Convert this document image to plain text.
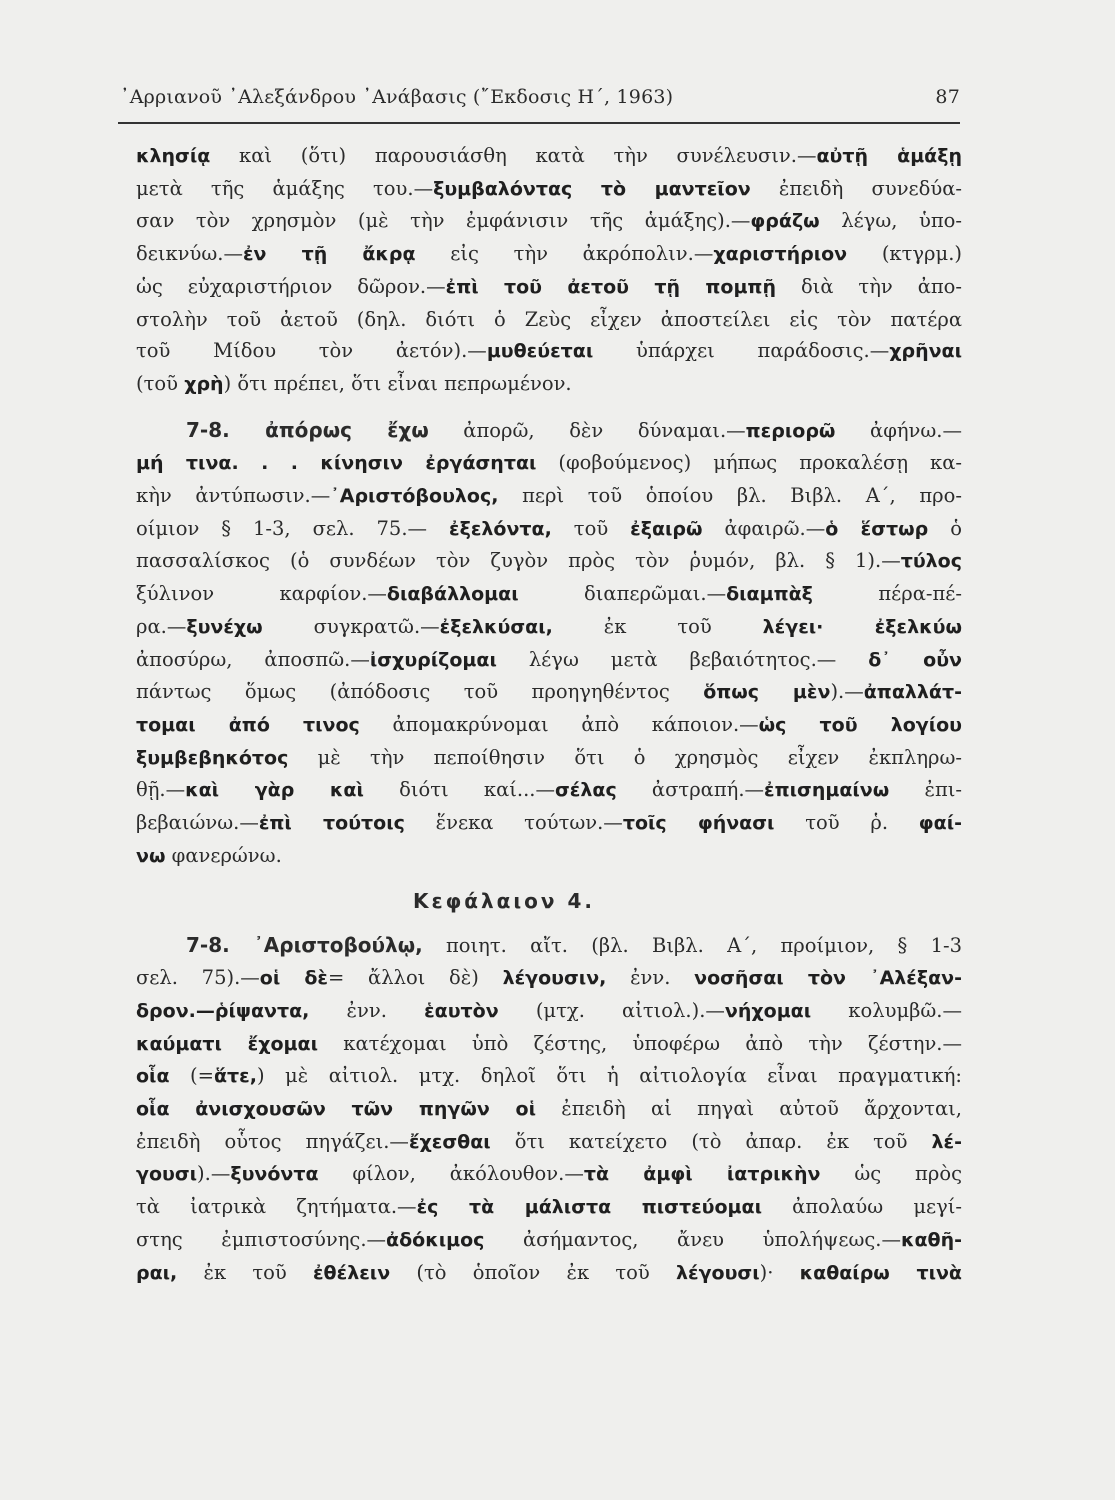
᾿Αρριανοῦ ᾿Αλεξάνδρου ᾿Ανάβασις (῎Εκδοσις Η΄, 1963)	87
κλησίᾳ καὶ (ὅτι) παρουσιάσθη κατὰ τὴν συνέλευσιν.—αὐτῇ ἁμάξῃ
μετὰ τῆς ἁμάξης του.—ξυμβαλόντας τὸ μαντεῖον ἐπειδὴ συνεδύα-
σαν τὸν χρησμὸν (μὲ τὴν ἐμφάνισιν τῆς ἁμάξης).—φράζω λέγω, ὑπο-
δεικνύω.—ἐν τῇ ἄκρᾳ εἰς τὴν ἀκρόπολιν.—χαριστήριον (κτγρμ.)
ὡς εὐχαριστήριον δῶρον.—ἐπὶ τοῦ ἀετοῦ τῇ πομπῇ διὰ τὴν ἀπο-
στολὴν τοῦ ἀετοῦ (δηλ. διότι ὁ Ζεὺς εἶχεν ἀποστείλει εἰς τὸν πατέρα
τοῦ Μίδου τὸν ἀετόν).—μυθεύεται ὑπάρχει παράδοσις.—χρῆναι
(τοῦ χρὴ) ὅτι πρέπει, ὅτι εἶναι πεπρωμένον.
7-8. ἀπόρως ἔχω ἀπορῶ, δὲν δύναμαι.—περιορῶ ἀφήνω.—
μή τινα. . . κίνησιν ἐργάσηται (φοβούμενος) μήπως προκαλέσῃ κα-
κὴν ἀντύπωσιν.—᾿Αριστόβουλος, περὶ τοῦ ὁποίου βλ. Βιβλ. Α΄, προ-
οίμιον § 1-3, σελ. 75.— ἐξελόντα, τοῦ ἐξαιρῶ ἀφαιρῶ.—ὁ ἕστωρ ὁ
πασσαλίσκος (ὁ συνδέων τὸν ζυγὸν πρὸς τὸν ῥυμόν, βλ. § 1).—τύλος
ξύλινον καρφίον.—διαβάλλομαι διαπερῶμαι.—διαμπὰξ πέρα-πέ-
ρα.—ξυνέχω συγκρατῶ.—ἐξελκύσαι, ἐκ τοῦ λέγει· ἐξελκύω
ἀποσύρω, ἀποσπῶ.—ἰσχυρίζομαι λέγω μετὰ βεβαιότητος.— δ᾿ οὖν
πάντως ὅμως (ἀπόδοσις τοῦ προηγηθέντος ὅπως μὲν).—ἀπαλλάτ-
τομαι ἀπό τινος ἀπομακρύνομαι ἀπὸ κάποιον.—ὡς τοῦ λογίου
ξυμβεβηκότος μὲ τὴν πεποίθησιν ὅτι ὁ χρησμὸς εἶχεν ἐκπληρω-
θῇ.—καὶ γὰρ καὶ διότι καί...—σέλας ἀστραπή.—ἐπισημαίνω ἐπι-
βεβαιώνω.—ἐπὶ τούτοις ἕνεκα τούτων.—τοῖς φήνασι τοῦ ῥ. φαί-
νω φανερώνω.
Κεφάλαιον 4.
7-8. ᾿Αριστοβούλῳ, ποιητ. αἴτ. (βλ. Βιβλ. Α΄, προίμιον, § 1-3
σελ. 75).—οἱ δὲ= ἄλλοι δὲ) λέγουσιν, ἐνν. νοσῆσαι τὸν ᾿Αλέξαν-
δρον.—ῥίψαντα, ἐνν. ἑαυτὸν (μτχ. αἰτιολ.).—νήχομαι κολυμβῶ.—
καύματι ἔχομαι κατέχομαι ὑπὸ ζέστης, ὑποφέρω ἀπὸ τὴν ζέστην.—
οἷα (=ἅτε,) μὲ αἰτιολ. μτχ. δηλοῖ ὅτι ἡ αἰτιολογία εἶναι πραγματική:
οἷα ἀνισχουσῶν τῶν πηγῶν οἱ ἐπειδὴ αἱ πηγαὶ αὐτοῦ ἄρχονται,
ἐπειδὴ οὗτος πηγάζει.—ἔχεσθαι ὅτι κατείχετο (τὸ ἀπαρ. ἐκ τοῦ λέ-
γουσι).—ξυνόντα φίλον, ἀκόλουθον.—τὰ ἀμφὶ ἰατρικὴν ὡς πρὸς
τὰ ἰατρικὰ ζητήματα.—ἐς τὰ μάλιστα πιστεύομαι ἀπολαύω μεγί-
στης ἐμπιστοσύνης.—ἀδόκιμος ἀσήμαντος, ἄνευ ὑπολήψεως.—καθῆ-
ραι, ἐκ τοῦ ἐθέλειν (τὸ ὁποῖον ἐκ τοῦ λέγουσι)· καθαίρω τινὰ
